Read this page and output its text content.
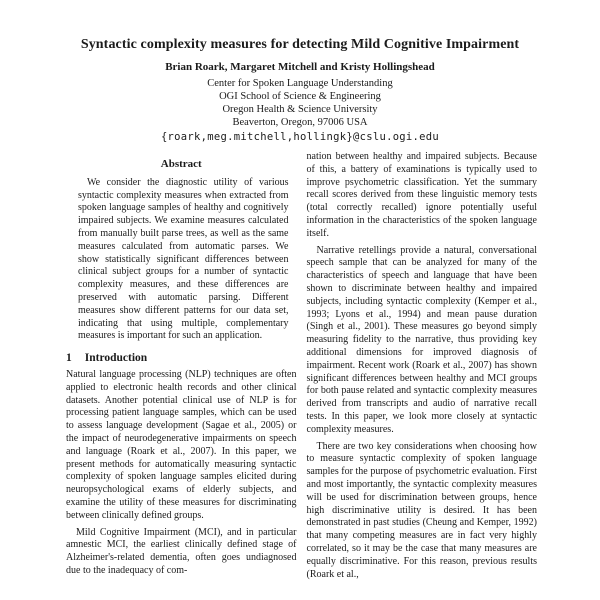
Syntactic complexity measures for detecting Mild Cognitive Impairment
Brian Roark, Margaret Mitchell and Kristy Hollingshead
Center for Spoken Language Understanding
OGI School of Science & Engineering
Oregon Health & Science University
Beaverton, Oregon, 97006 USA
{roark,meg.mitchell,hollingk}@cslu.ogi.edu
Abstract

We consider the diagnostic utility of various syntactic complexity measures when extracted from spoken language samples of healthy and cognitively impaired subjects. We examine measures calculated from manually built parse trees, as well as the same measures calculated from automatic parses. We show statistically significant differences between clinical subject groups for a number of syntactic complexity measures, and these differences are preserved with automatic parsing. Different measures show different patterns for our data set, indicating that using multiple, complementary measures is important for such an application.

1 Introduction

Natural language processing (NLP) techniques are often applied to electronic health records and other clinical datasets. Another potential clinical use of NLP is for processing patient language samples, which can be used to assess language development (Sagae et al., 2005) or the impact of neurodegenerative impairments on speech and language (Roark et al., 2007). In this paper, we present methods for automatically measuring syntactic complexity of spoken language samples elicited during neuropsychological exams of elderly subjects, and examine the utility of these measures for discriminating between clinically defined groups.

Mild Cognitive Impairment (MCI), and in particular amnestic MCI, the earliest clinically defined stage of Alzheimer's-related dementia, often goes undiagnosed due to the inadequacy of com-

nation between healthy and impaired subjects. Because of this, a battery of examinations is typically used to improve psychometric classification. Yet the summary recall scores derived from these linguistic memory tests (total correctly recalled) ignore potentially useful information in the characteristics of the spoken language itself.

Narrative retellings provide a natural, conversational speech sample that can be analyzed for many of the characteristics of speech and language that have been shown to discriminate between healthy and impaired subjects, including syntactic complexity (Kemper et al., 1993; Lyons et al., 1994) and mean pause duration (Singh et al., 2001). These measures go beyond simply measuring fidelity to the narrative, thus providing key additional dimensions for improved diagnosis of impairment. Recent work (Roark et al., 2007) has shown significant differences between healthy and MCI groups for both pause related and syntactic complexity measures derived from transcripts and audio of narrative recall tests. In this paper, we look more closely at syntactic complexity measures.

There are two key considerations when choosing how to measure syntactic complexity of spoken language samples for the purpose of psychometric evaluation. First and most importantly, the syntactic complexity measures will be used for discrimination between groups, hence high discriminative utility is desired. It has been demonstrated in past studies (Cheung and Kemper, 1992) that many competing measures are in fact very highly correlated, so it may be the case that many measures are equally discriminative. For this reason, previous results (Roark et al.,
